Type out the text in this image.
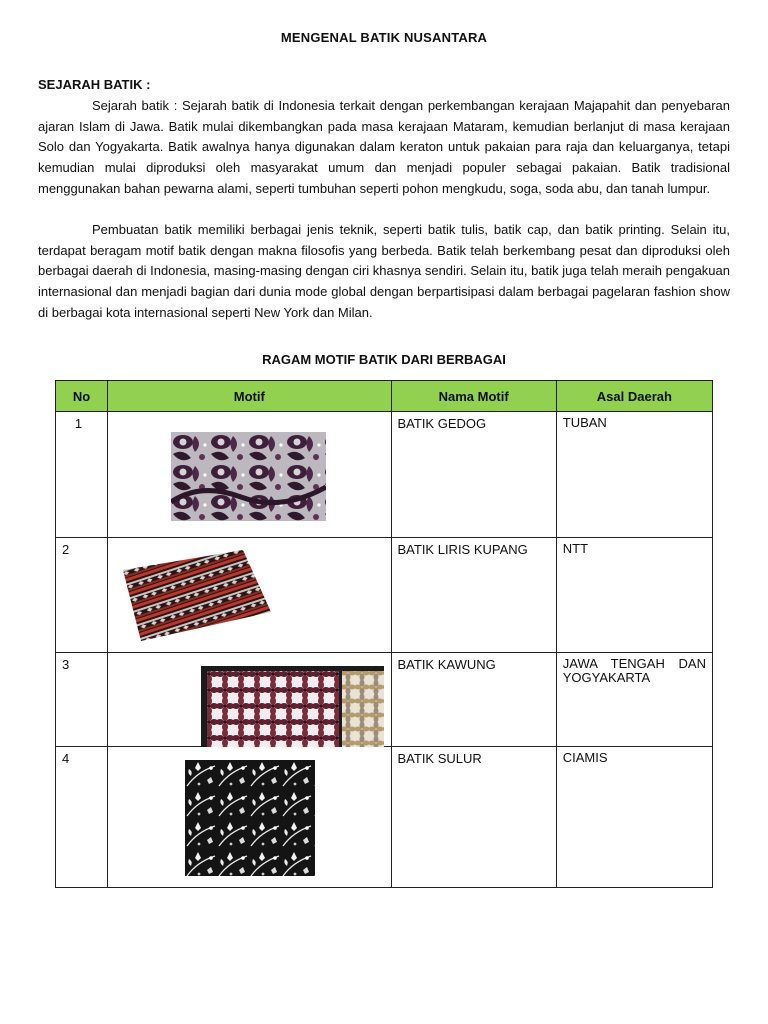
MENGENAL BATIK NUSANTARA
SEJARAH BATIK :

Sejarah batik : Sejarah batik di Indonesia terkait dengan perkembangan kerajaan Majapahit dan penyebaran ajaran Islam di Jawa. Batik mulai dikembangkan pada masa kerajaan Mataram, kemudian berlanjut di masa kerajaan Solo dan Yogyakarta. Batik awalnya hanya digunakan dalam keraton untuk pakaian para raja dan keluarganya, tetapi kemudian mulai diproduksi oleh masyarakat umum dan menjadi populer sebagai pakaian. Batik tradisional menggunakan bahan pewarna alami, seperti tumbuhan seperti pohon mengkudu, soga, soda abu, dan tanah lumpur.

Pembuatan batik memiliki berbagai jenis teknik, seperti batik tulis, batik cap, dan batik printing. Selain itu, terdapat beragam motif batik dengan makna filosofis yang berbeda. Batik telah berkembang pesat dan diproduksi oleh berbagai daerah di Indonesia, masing-masing dengan ciri khasnya sendiri. Selain itu, batik juga telah meraih pengakuan internasional dan menjadi bagian dari dunia mode global dengan berpartisipasi dalam berbagai pagelaran fashion show di berbagai kota internasional seperti New York dan Milan.

RAGAM MOTIF BATIK DARI BERBAGAI
No	Motif	Nama Motif	Asal Daerah
1		BATIK GEDOG	TUBAN
2		BATIK LIRIS KUPANG	NTT
3		BATIK KAWUNG	JAWA TENGAH DAN YOGYAKARTA
4		BATIK SULUR	CIAMIS
